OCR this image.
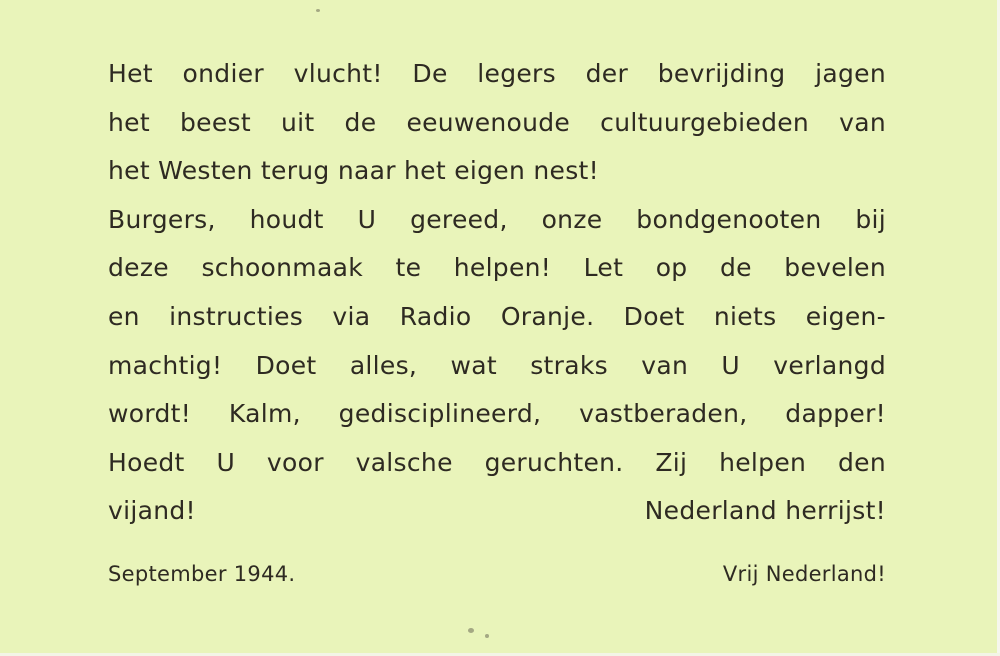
Het ondier vlucht! De legers der bevrijding jagen
het beest uit de eeuwenoude cultuurgebieden van
het Westen terug naar het eigen nest!
Burgers, houdt U gereed, onze bondgenooten bij
deze schoonmaak te helpen! Let op de bevelen
en instructies via Radio Oranje. Doet niets eigen-
machtig! Doet alles, wat straks van U verlangd
wordt! Kalm, gedisciplineerd, vastberaden, dapper!
Hoedt U voor valsche geruchten. Zij helpen den
vijand!	Nederland herrijst!
September 1944.	Vrij Nederland!
